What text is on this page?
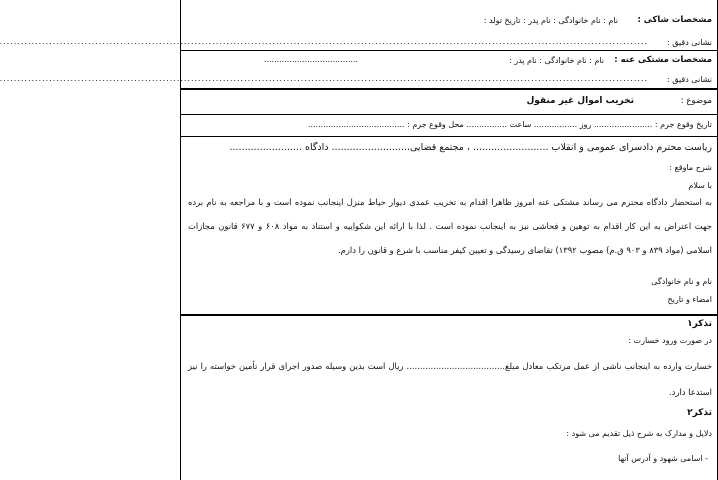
مشخصات شاکی :
نام : نام خانوادگی : نام پدر : تاریخ تولد :
نشانی دقیق :
.......................................................................................................................................................................................
مشخصات مشتکی عنه :
نام : نام خانوادگی : نام پدر :
.....................................
نشانی دقیق :
.......................................................................................................................................................................................
موضوع :
تخریب اموال غیر منقول
تاریخ وقوع جرم : ....................... روز ................. ساعت ................ محل وقوع جرم : ......................................
ریاست محترم دادسرای عمومی و انقلاب ......................... ، مجتمع قضایی.......................... دادگاه ........................
شرح ماوقع :
با سلام
به استحضار دادگاه محترم می رساند مشتکی عنه امروز ظاهرا اقدام به تخریب عمدی دیوار حیاط منزل اینجانب نموده است و با مراجعه به نام برده جهت اعتراض به این کار اقدام به توهین و فحاشی نیز به اینجانب نموده است . لذا با ارائه این شکواییه و استناد به مواد ۶۰۸ و ۶۷۷ قانون مجازات اسلامی (مواد ۸۳۹ و ۹۰۳ ق.م) مصوب ۱۳۹۲) تقاضای رسیدگی و تعیین کیفر مناسب با شرع و قانون را دارم.
نام و نام خانوادگی
امضاء و تاریخ
تذکر۱
در صورت ورود خسارت :
خسارت وارده به اینجانب ناشی از عمل مرتکب معادل مبلغ..................................... ریال است بدین وسیله صدور اجرای قرار تأمین خواسته را نیز استدعا دارد.
تذکر۲
دلایل و مدارک به شرح ذیل تقدیم می شود :
- اسامی شهود و آدرس آنها
